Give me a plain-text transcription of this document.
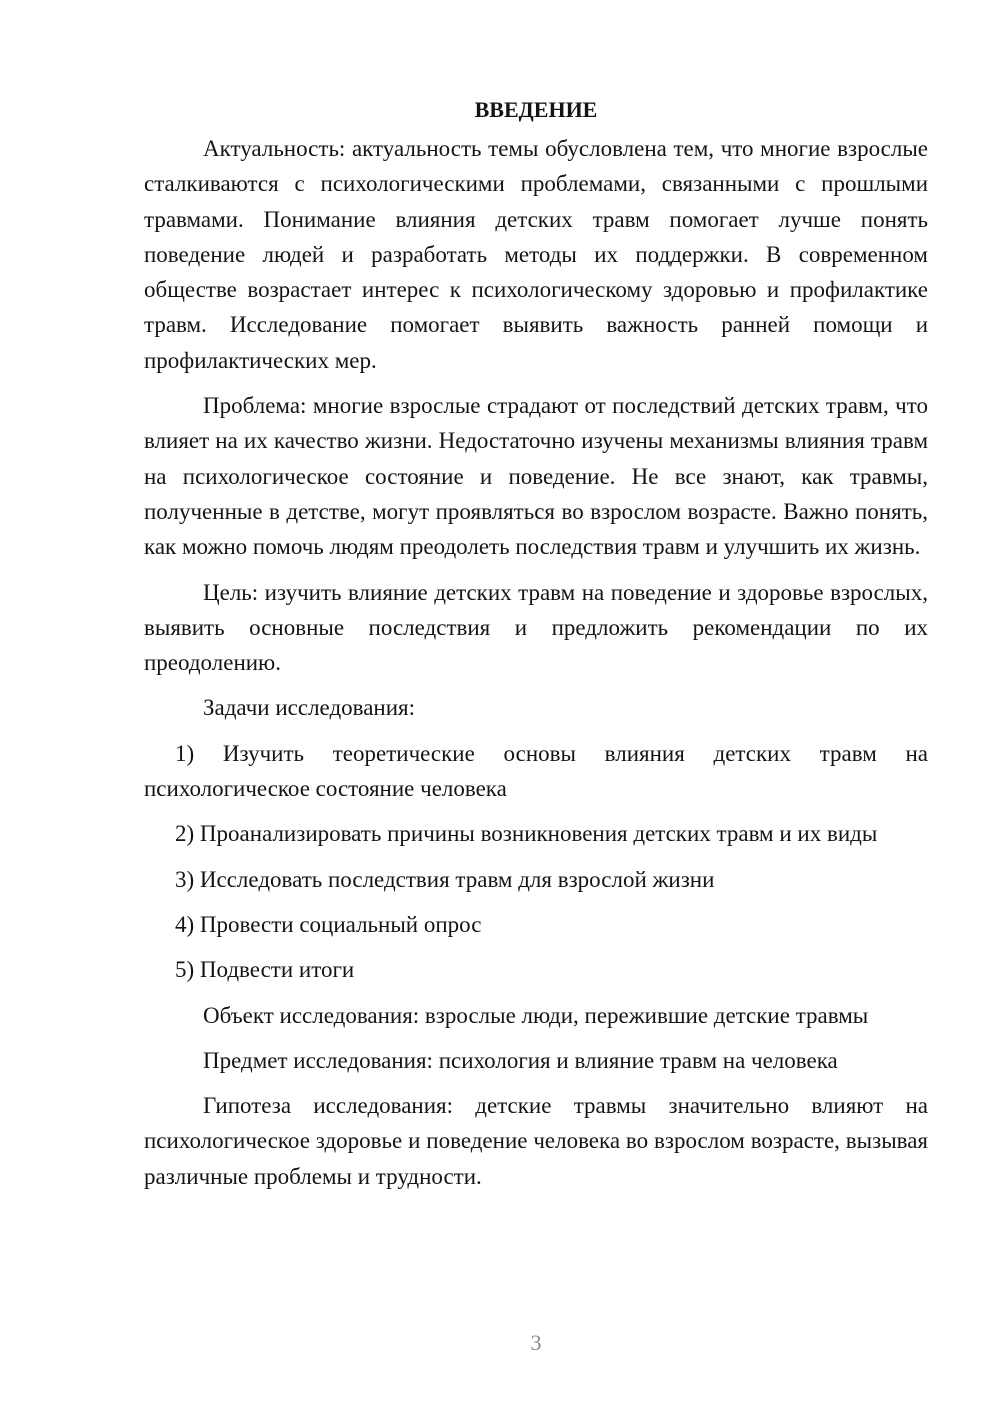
ВВЕДЕНИЕ

Актуальность: актуальность темы обусловлена тем, что многие взрослые сталкиваются с психологическими проблемами, связанными с прошлыми травмами. Понимание влияния детских травм помогает лучше понять поведение людей и разработать методы их поддержки. В современном обществе возрастает интерес к психологическому здоровью и профилактике травм. Исследование помогает выявить важность ранней помощи и профилактических мер.

Проблема: многие взрослые страдают от последствий детских травм, что влияет на их качество жизни. Недостаточно изучены механизмы влияния травм на психологическое состояние и поведение. Не все знают, как травмы, полученные в детстве, могут проявляться во взрослом возрасте. Важно понять, как можно помочь людям преодолеть последствия травм и улучшить их жизнь.

Цель: изучить влияние детских травм на поведение и здоровье взрослых, выявить основные последствия и предложить рекомендации по их преодолению.

Задачи исследования:

1) Изучить теоретические основы влияния детских травм на психологическое состояние человека

2) Проанализировать причины возникновения детских травм и их виды

3) Исследовать последствия травм для взрослой жизни

4) Провести социальный опрос

5) Подвести итоги

Объект исследования: взрослые люди, пережившие детские травмы

Предмет исследования: психология и влияние травм на человека

Гипотеза исследования: детские травмы значительно влияют на психологическое здоровье и поведение человека во взрослом возрасте, вызывая различные проблемы и трудности.

3
